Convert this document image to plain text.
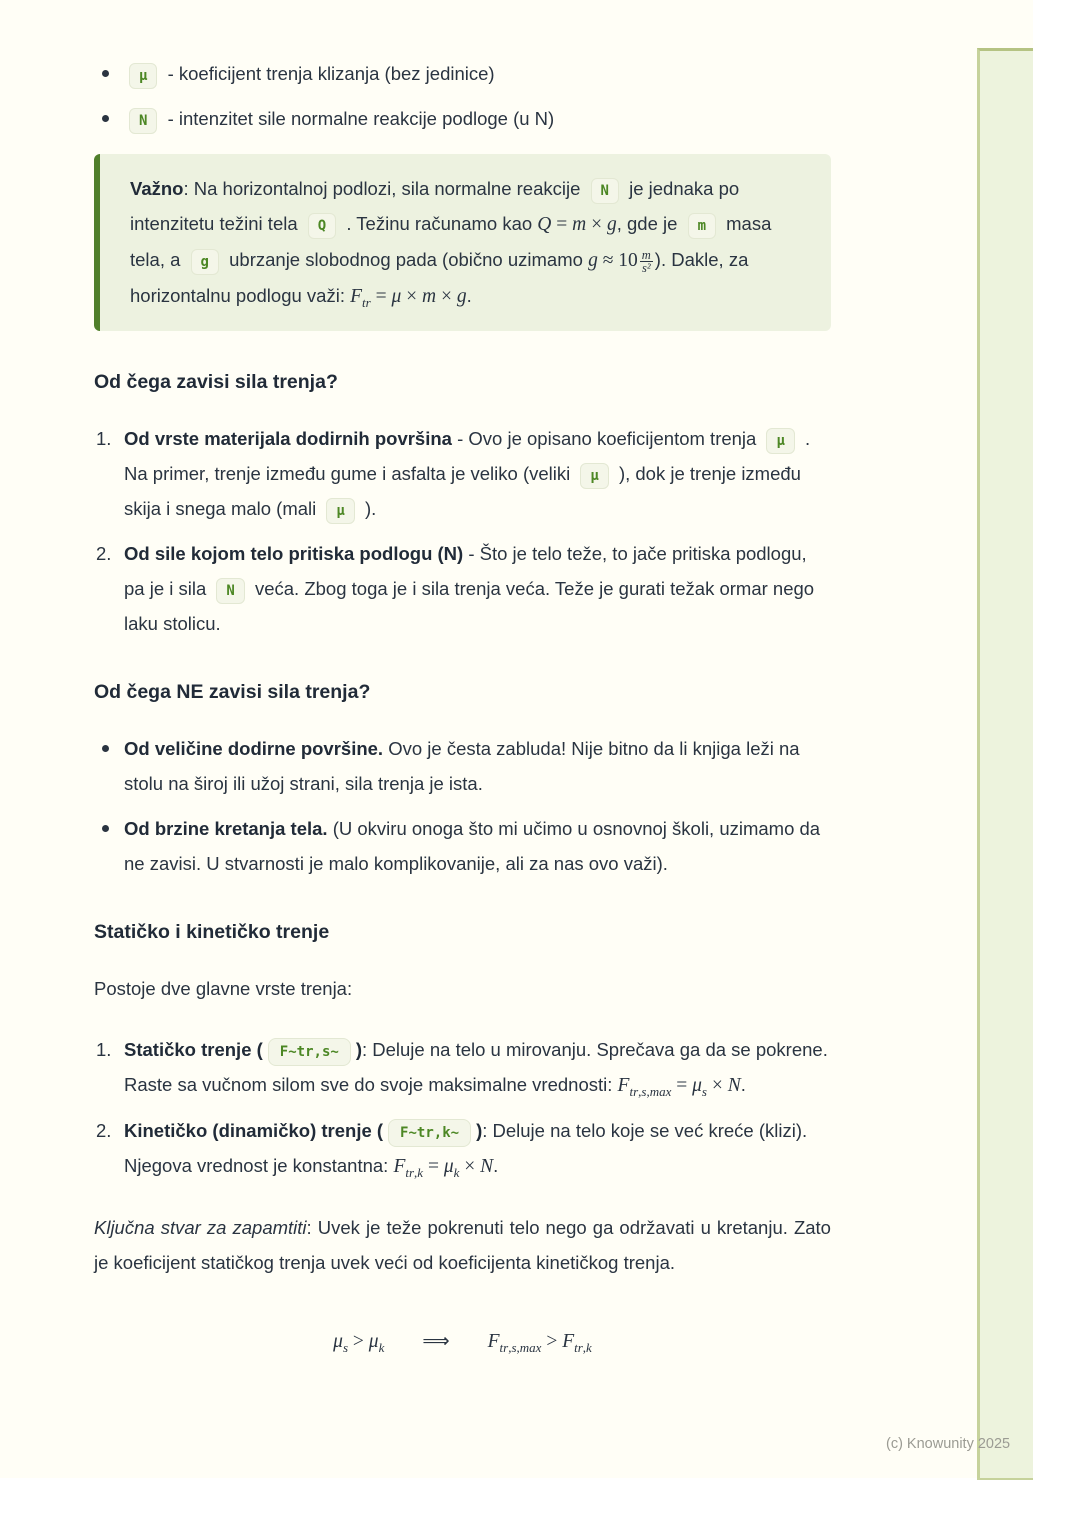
μ - koeficijent trenja klizanja (bez jedinice)
N - intenzitet sile normalne reakcije podloge (u N)
Važno: Na horizontalnoj podlozi, sila normalne reakcije N je jednaka po intenzitetu težini tela Q . Težinu računamo kao Q = m × g, gde je m masa tela, a g ubrzanje slobodnog pada (obično uzimamo $g \approx 10 \frac{m}{\text{s²}}$ ). Dakle, za horizontalnu podlogu važi: $F_{tr} = \mu \times m \times g$.
Od čega zavisi sila trenja?
Od vrste materijala dodirnih površina - Ovo je opisano koeficijentom trenja μ . Na primer, trenje između gume i asfalta je veliko (veliki μ ), dok je trenje između skija i snega malo (mali μ ).
Od sile kojom telo pritiska podlogu (N) - Što je telo teže, to jače pritiska podlogu, pa je i sila N veća. Zbog toga je i sila trenja veća. Teže je gurati težak ormar nego laku stolicu.
Od čega NE zavisi sila trenja?
Od veličine dodirne površine. Ovo je česta zabluda! Nije bitno da li knjiga leži na stolu na široj ili užoj strani, sila trenja je ista.
Od brzine kretanja tela. (U okviru onoga što mi učimo u osnovnoj školi, uzimamo da ne zavisi. U stvarnosti je malo komplikovanije, ali za nas ovo važi).
Statičko i kinetičko trenje

Postoje dve glavne vrste trenja:

Statičko trenje ( F~tr,s~ ): Deluje na telo u mirovanju. Sprečava ga da se pokrene. Raste sa vučnom silom sve do svoje maksimalne vrednosti: $F_{tr,s,max} = \mu_s \times N$.
Kinetičko (dinamičko) trenje ( F~tr,k~ ): Deluje na telo koje se već kreće (klizi). Njegova vrednost je konstantna: $F_{tr,k} = \mu_k \times N$.

Ključna stvar za zapamtiti: Uvek je teže pokrenuti telo nego ga održavati u kretanju. Zato je koeficijent statičkog trenja uvek veći od koeficijenta kinetičkog trenja.

$\mu_s > \mu_k$ ⟹ $F_{tr,s,max} > F_{tr,k}$
(c) Knowunity 2025
